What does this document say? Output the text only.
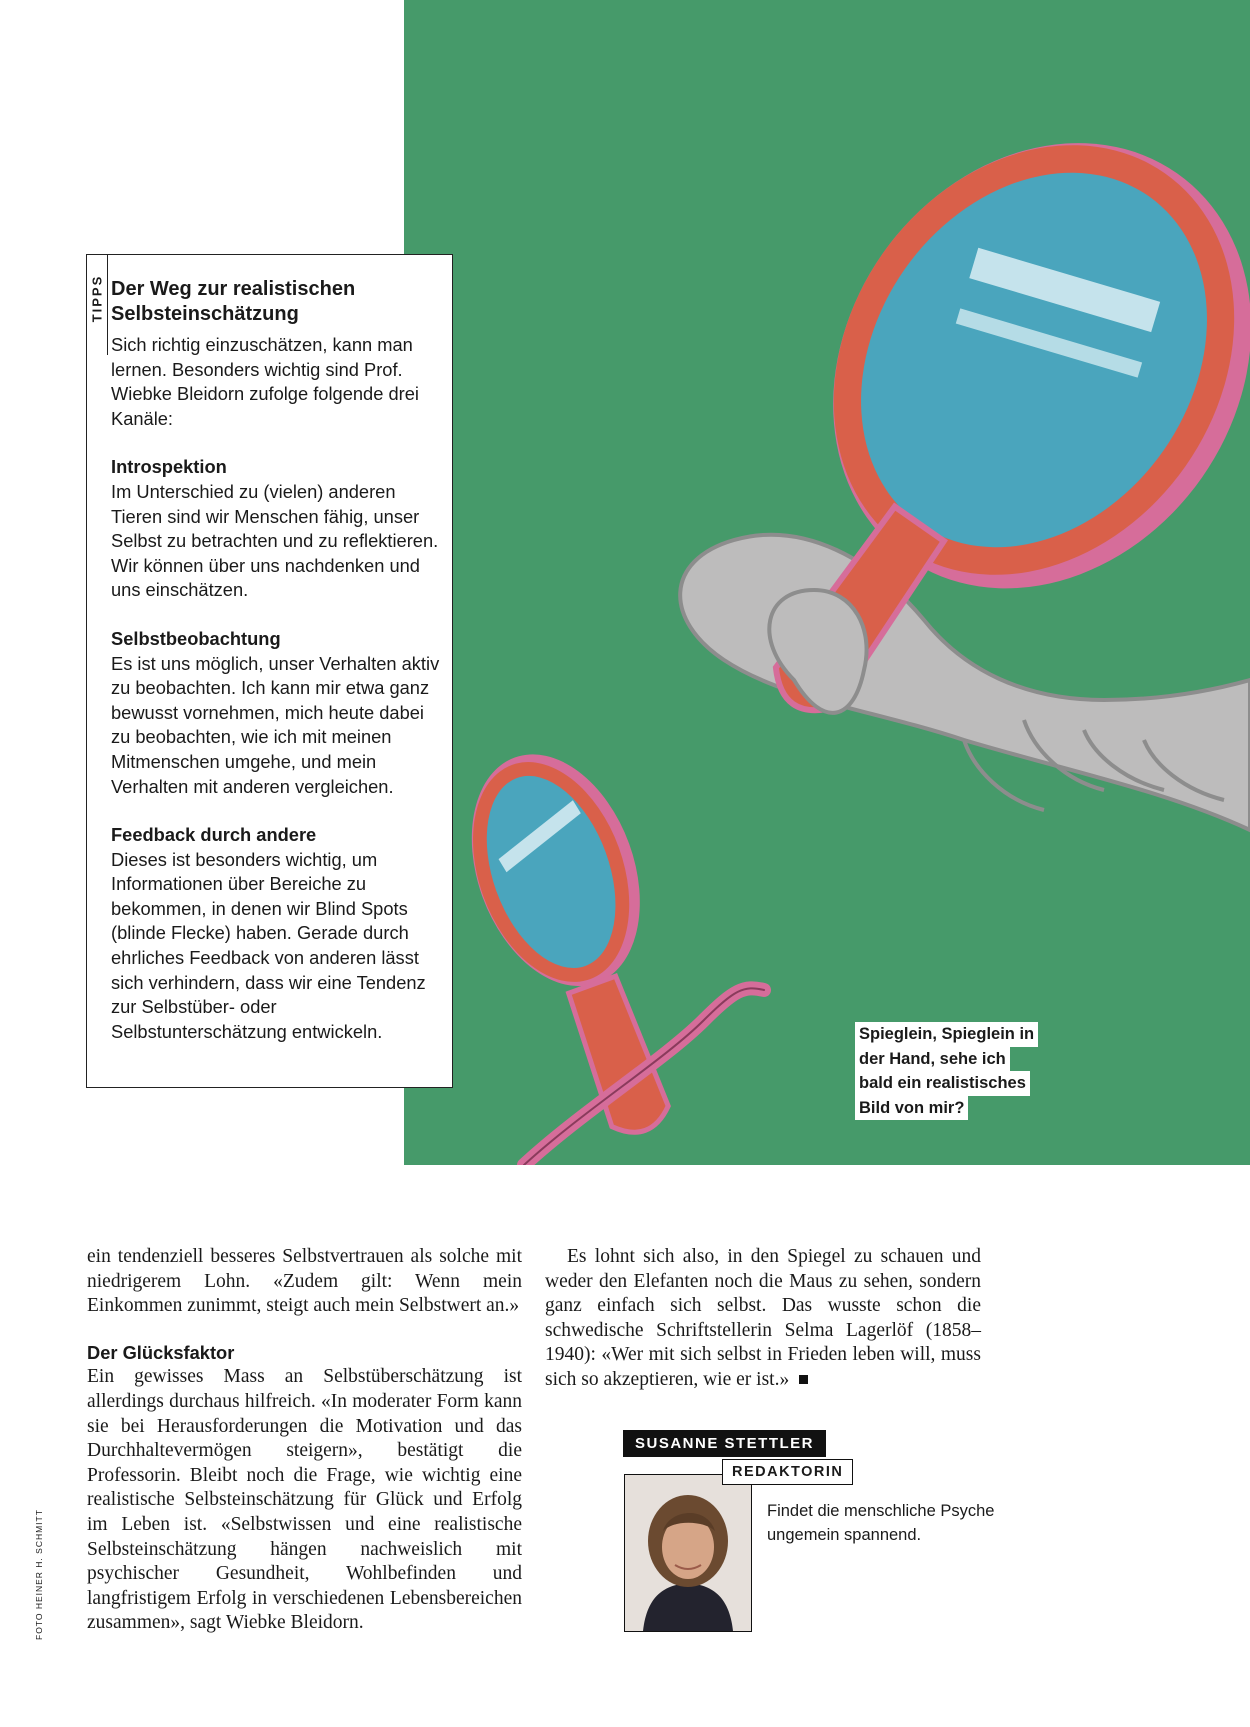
Spieglein, Spieglein in
der Hand, sehe ich
bald ein realistisches
Bild von mir?
TIPPS Der Weg zur realistischen Selbsteinschätzung

Sich richtig einzuschätzen, kann man lernen. Besonders wichtig sind Prof. Wiebke Bleidorn zufolge folgende drei Kanäle:

Introspektion

Im Unterschied zu (vielen) anderen Tieren sind wir Menschen fähig, unser Selbst zu betrachten und zu reflektieren. Wir können über uns nachdenken und uns einschätzen.

Selbstbeobachtung

Es ist uns möglich, unser Verhalten aktiv zu beobachten. Ich kann mir etwa ganz bewusst vornehmen, mich heute dabei zu beobachten, wie ich mit meinen Mitmenschen umgehe, und mein Verhalten mit anderen vergleichen.

Feedback durch andere

Dieses ist besonders wichtig, um Informationen über Bereiche zu bekommen, in denen wir Blind Spots (blinde Flecke) haben. Gerade durch ehrliches Feedback von anderen lässt sich verhindern, dass wir eine Tendenz zur Selbstüber- oder Selbstunterschätzung entwickeln.

ein tendenziell besseres Selbstvertrauen als solche mit niedrigerem Lohn. «Zudem gilt: Wenn mein Einkommen zunimmt, steigt auch mein Selbstwert an.»

Der Glücksfaktor

Ein gewisses Mass an Selbstüberschätzung ist allerdings durchaus hilfreich. «In moderater Form kann sie bei Herausforderungen die Motivation und das Durchhaltevermögen steigern», bestätigt die Professorin. Bleibt noch die Frage, wie wichtig eine realistische Selbsteinschätzung für Glück und Erfolg im Leben ist. «Selbstwissen und eine realistische Selbsteinschätzung hängen nachweislich mit psychischer Gesundheit, Wohlbefinden und langfristigem Erfolg in verschiedenen Lebensbereichen zusammen», sagt Wiebke Bleidorn.

Es lohnt sich also, in den Spiegel zu schauen und weder den Elefanten noch die Maus zu sehen, sondern ganz einfach sich selbst. Das wusste schon die schwedische Schriftstellerin Selma Lagerlöf (1858–1940): «Wer mit sich selbst in Frieden leben will, muss sich so akzeptieren, wie er ist.»

SUSANNE STETTLER
REDAKTORIN
Findet die menschliche Psyche ungemein spannend.
FOTO HEINER H. SCHMITT
